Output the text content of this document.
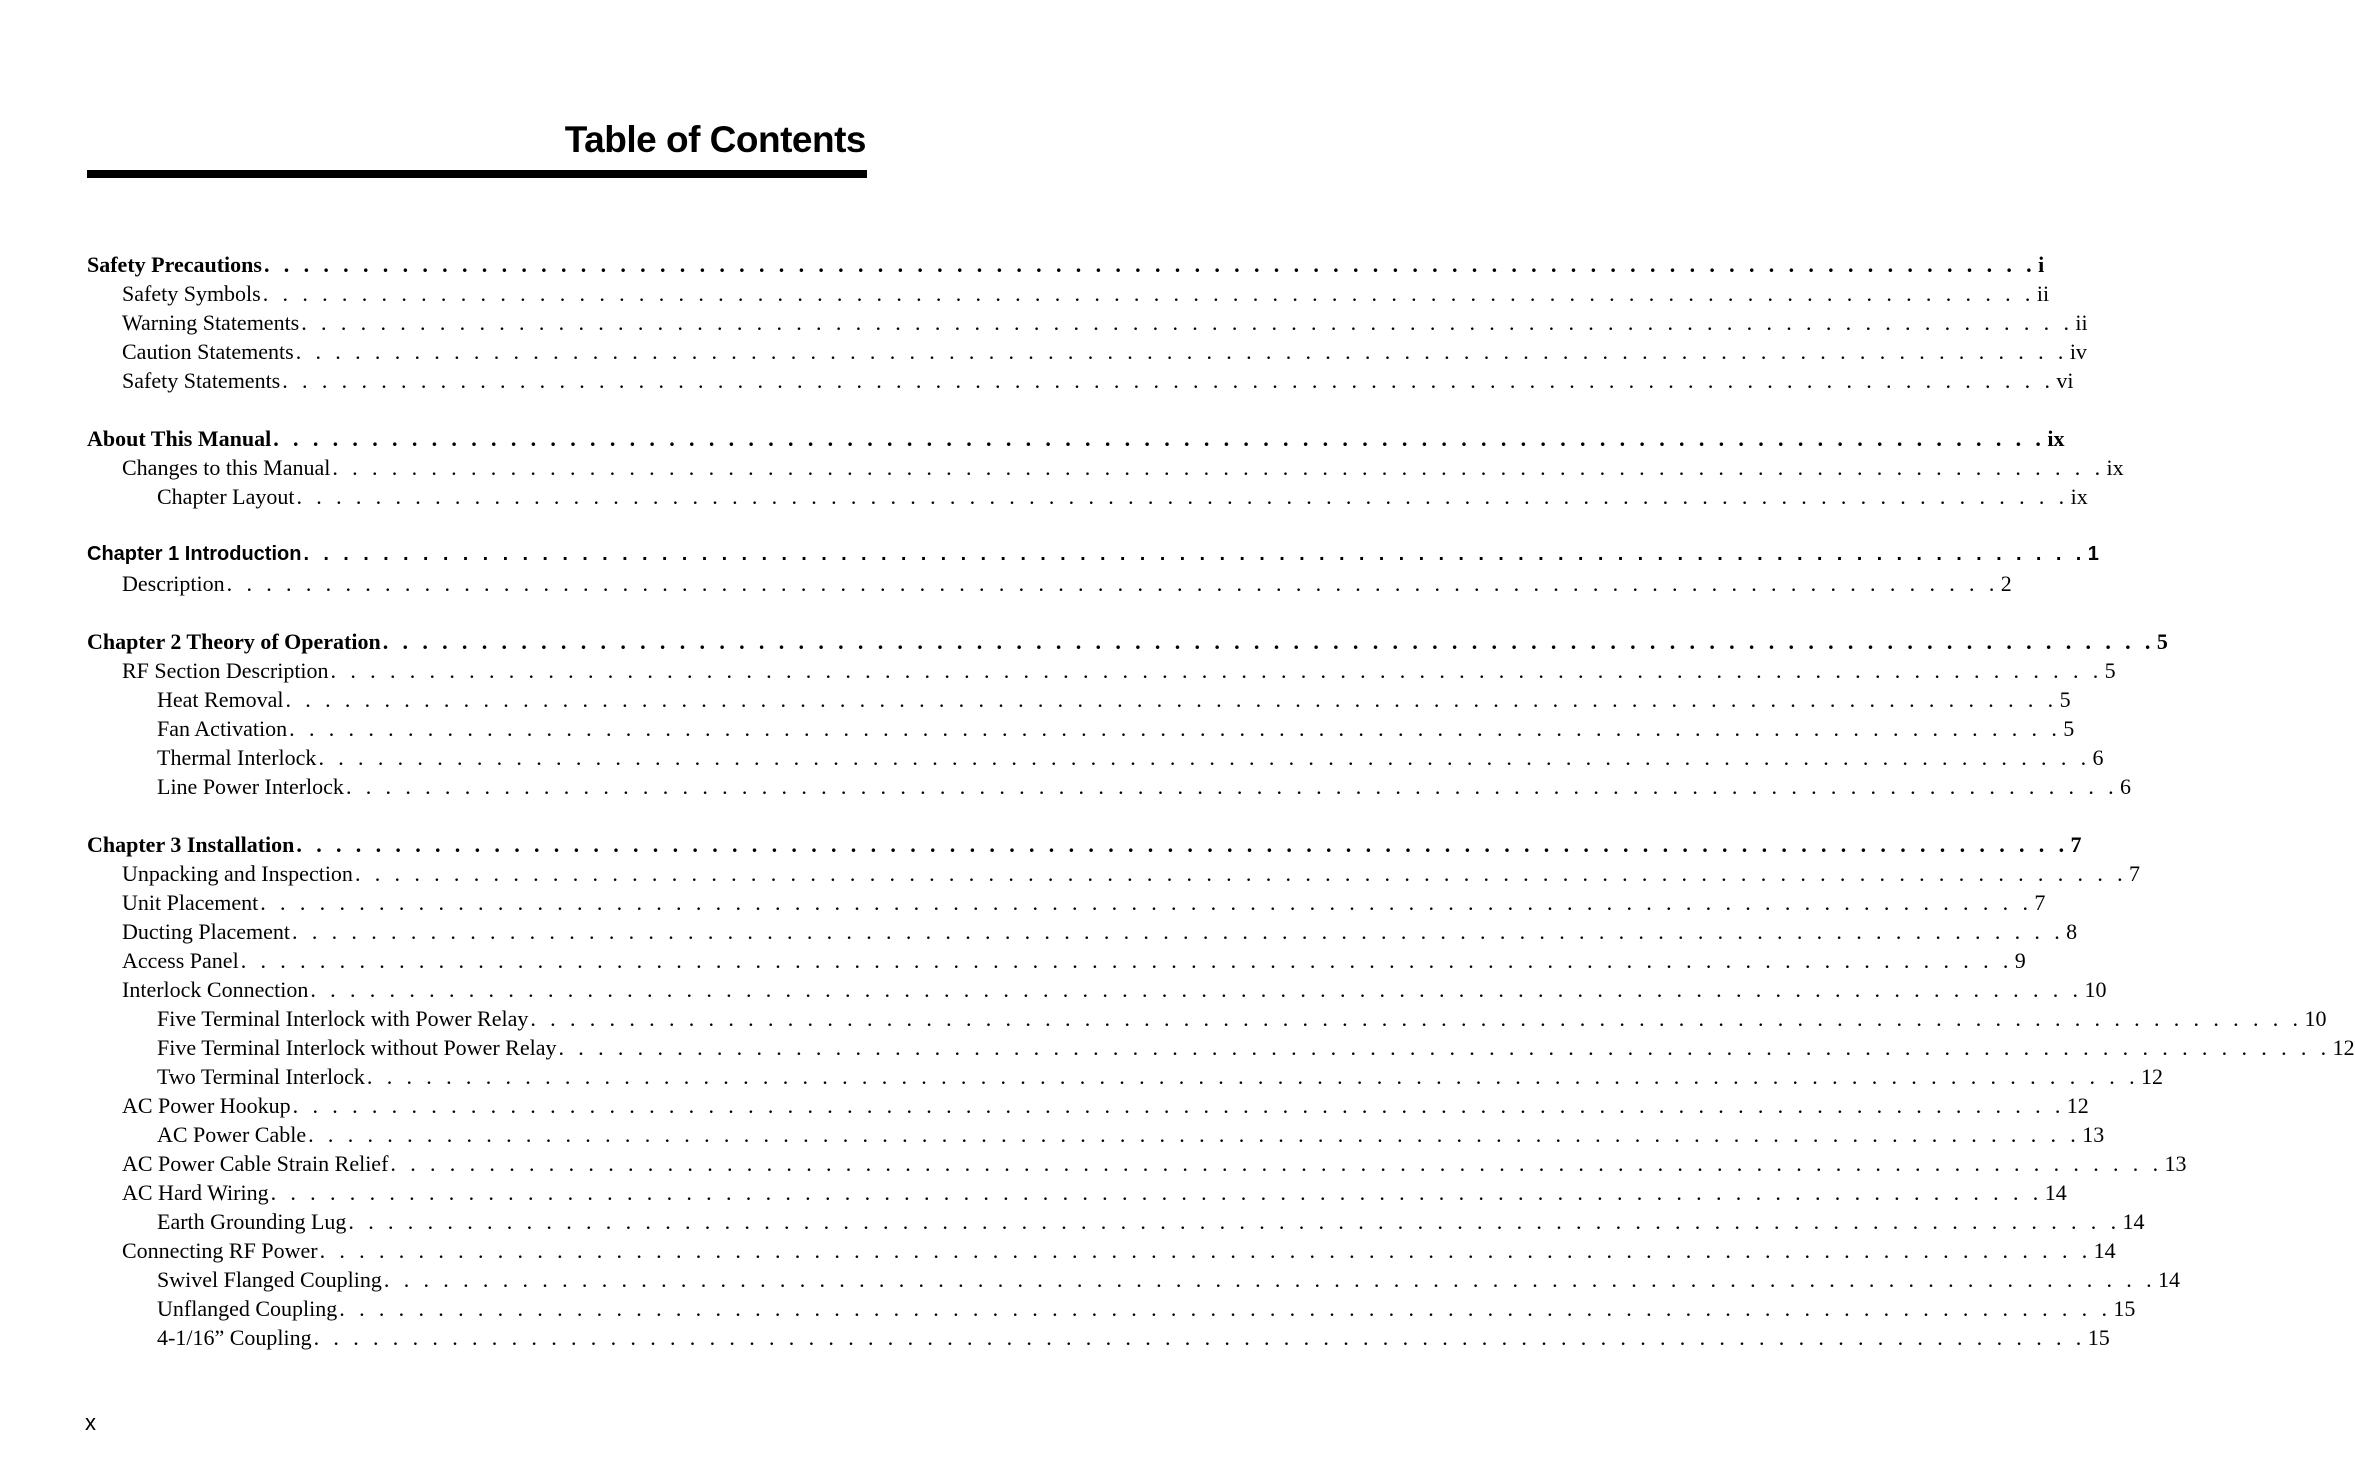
Table of Contents
Safety Precautions . . . . . . . . . . . . . . . . . . . . . . . . . . . . . . . . . . . . . . . . . . . . . . . . . . . . . . . . . . . . . . . . . . . . . . . . . . . . . . . . . . . . . . . . . . i
Safety Symbols . . . . . . . . . . . . . . . . . . . . . . . . . . . . . . . . . . . . . . . . . . . . . . . . . . . . . . . . . . . . . . . . . . . . . . . . . . . . . . . . . . . . . . . . . . ii
Warning Statements . . . . . . . . . . . . . . . . . . . . . . . . . . . . . . . . . . . . . . . . . . . . . . . . . . . . . . . . . . . . . . . . . . . . . . . . . . . . . . . . . . . . . . . . . . ii
Caution Statements . . . . . . . . . . . . . . . . . . . . . . . . . . . . . . . . . . . . . . . . . . . . . . . . . . . . . . . . . . . . . . . . . . . . . . . . . . . . . . . . . . . . . . . . . . iv
Safety Statements . . . . . . . . . . . . . . . . . . . . . . . . . . . . . . . . . . . . . . . . . . . . . . . . . . . . . . . . . . . . . . . . . . . . . . . . . . . . . . . . . . . . . . . . . . vi
About This Manual . . . . . . . . . . . . . . . . . . . . . . . . . . . . . . . . . . . . . . . . . . . . . . . . . . . . . . . . . . . . . . . . . . . . . . . . . . . . . . . . . . . . . . . . . . ix
Changes to this Manual . . . . . . . . . . . . . . . . . . . . . . . . . . . . . . . . . . . . . . . . . . . . . . . . . . . . . . . . . . . . . . . . . . . . . . . . . . . . . . . . . . . . . . . . . . ix
Chapter Layout . . . . . . . . . . . . . . . . . . . . . . . . . . . . . . . . . . . . . . . . . . . . . . . . . . . . . . . . . . . . . . . . . . . . . . . . . . . . . . . . . . . . . . . . . . ix
Chapter 1 Introduction . . . . . . . . . . . . . . . . . . . . . . . . . . . . . . . . . . . . . . . . . . . . . . . . . . . . . . . . . . . . . . . . . . . . . . . . . . . . . . . . . . . . . . . . . . 1
Description . . . . . . . . . . . . . . . . . . . . . . . . . . . . . . . . . . . . . . . . . . . . . . . . . . . . . . . . . . . . . . . . . . . . . . . . . . . . . . . . . . . . . . . . . . 2
Chapter 2 Theory of Operation . . . . . . . . . . . . . . . . . . . . . . . . . . . . . . . . . . . . . . . . . . . . . . . . . . . . . . . . . . . . . . . . . . . . . . . . . . . . . . . . . . . . . . . . . . 5
RF Section Description . . . . . . . . . . . . . . . . . . . . . . . . . . . . . . . . . . . . . . . . . . . . . . . . . . . . . . . . . . . . . . . . . . . . . . . . . . . . . . . . . . . . . . . . . . 5
Heat Removal . . . . . . . . . . . . . . . . . . . . . . . . . . . . . . . . . . . . . . . . . . . . . . . . . . . . . . . . . . . . . . . . . . . . . . . . . . . . . . . . . . . . . . . . . . 5
Fan Activation . . . . . . . . . . . . . . . . . . . . . . . . . . . . . . . . . . . . . . . . . . . . . . . . . . . . . . . . . . . . . . . . . . . . . . . . . . . . . . . . . . . . . . . . . . 5
Thermal Interlock . . . . . . . . . . . . . . . . . . . . . . . . . . . . . . . . . . . . . . . . . . . . . . . . . . . . . . . . . . . . . . . . . . . . . . . . . . . . . . . . . . . . . . . . . . 6
Line Power Interlock . . . . . . . . . . . . . . . . . . . . . . . . . . . . . . . . . . . . . . . . . . . . . . . . . . . . . . . . . . . . . . . . . . . . . . . . . . . . . . . . . . . . . . . . . . 6
Chapter 3 Installation . . . . . . . . . . . . . . . . . . . . . . . . . . . . . . . . . . . . . . . . . . . . . . . . . . . . . . . . . . . . . . . . . . . . . . . . . . . . . . . . . . . . . . . . . . 7
Unpacking and Inspection . . . . . . . . . . . . . . . . . . . . . . . . . . . . . . . . . . . . . . . . . . . . . . . . . . . . . . . . . . . . . . . . . . . . . . . . . . . . . . . . . . . . . . . . . . 7
Unit Placement . . . . . . . . . . . . . . . . . . . . . . . . . . . . . . . . . . . . . . . . . . . . . . . . . . . . . . . . . . . . . . . . . . . . . . . . . . . . . . . . . . . . . . . . . . 7
Ducting Placement . . . . . . . . . . . . . . . . . . . . . . . . . . . . . . . . . . . . . . . . . . . . . . . . . . . . . . . . . . . . . . . . . . . . . . . . . . . . . . . . . . . . . . . . . . 8
Access Panel . . . . . . . . . . . . . . . . . . . . . . . . . . . . . . . . . . . . . . . . . . . . . . . . . . . . . . . . . . . . . . . . . . . . . . . . . . . . . . . . . . . . . . . . . . 9
Interlock Connection . . . . . . . . . . . . . . . . . . . . . . . . . . . . . . . . . . . . . . . . . . . . . . . . . . . . . . . . . . . . . . . . . . . . . . . . . . . . . . . . . . . . . . . . . . 10
Five Terminal Interlock with Power Relay . . . . . . . . . . . . . . . . . . . . . . . . . . . . . . . . . . . . . . . . . . . . . . . . . . . . . . . . . . . . . . . . . . . . . . . . . . . . . . . . . . . . . . . . . . 10
Five Terminal Interlock without Power Relay . . . . . . . . . . . . . . . . . . . . . . . . . . . . . . . . . . . . . . . . . . . . . . . . . . . . . . . . . . . . . . . . . . . . . . . . . . . . . . . . . . . . . . . . . . 12
Two Terminal Interlock . . . . . . . . . . . . . . . . . . . . . . . . . . . . . . . . . . . . . . . . . . . . . . . . . . . . . . . . . . . . . . . . . . . . . . . . . . . . . . . . . . . . . . . . . . 12
AC Power Hookup . . . . . . . . . . . . . . . . . . . . . . . . . . . . . . . . . . . . . . . . . . . . . . . . . . . . . . . . . . . . . . . . . . . . . . . . . . . . . . . . . . . . . . . . . . 12
AC Power Cable . . . . . . . . . . . . . . . . . . . . . . . . . . . . . . . . . . . . . . . . . . . . . . . . . . . . . . . . . . . . . . . . . . . . . . . . . . . . . . . . . . . . . . . . . . 13
AC Power Cable Strain Relief . . . . . . . . . . . . . . . . . . . . . . . . . . . . . . . . . . . . . . . . . . . . . . . . . . . . . . . . . . . . . . . . . . . . . . . . . . . . . . . . . . . . . . . . . . 13
AC Hard Wiring . . . . . . . . . . . . . . . . . . . . . . . . . . . . . . . . . . . . . . . . . . . . . . . . . . . . . . . . . . . . . . . . . . . . . . . . . . . . . . . . . . . . . . . . . . 14
Earth Grounding Lug . . . . . . . . . . . . . . . . . . . . . . . . . . . . . . . . . . . . . . . . . . . . . . . . . . . . . . . . . . . . . . . . . . . . . . . . . . . . . . . . . . . . . . . . . . 14
Connecting RF Power . . . . . . . . . . . . . . . . . . . . . . . . . . . . . . . . . . . . . . . . . . . . . . . . . . . . . . . . . . . . . . . . . . . . . . . . . . . . . . . . . . . . . . . . . . 14
Swivel Flanged Coupling . . . . . . . . . . . . . . . . . . . . . . . . . . . . . . . . . . . . . . . . . . . . . . . . . . . . . . . . . . . . . . . . . . . . . . . . . . . . . . . . . . . . . . . . . . 14
Unflanged Coupling . . . . . . . . . . . . . . . . . . . . . . . . . . . . . . . . . . . . . . . . . . . . . . . . . . . . . . . . . . . . . . . . . . . . . . . . . . . . . . . . . . . . . . . . . . 15
4-1/16” Coupling . . . . . . . . . . . . . . . . . . . . . . . . . . . . . . . . . . . . . . . . . . . . . . . . . . . . . . . . . . . . . . . . . . . . . . . . . . . . . . . . . . . . . . . . . . 15
x
